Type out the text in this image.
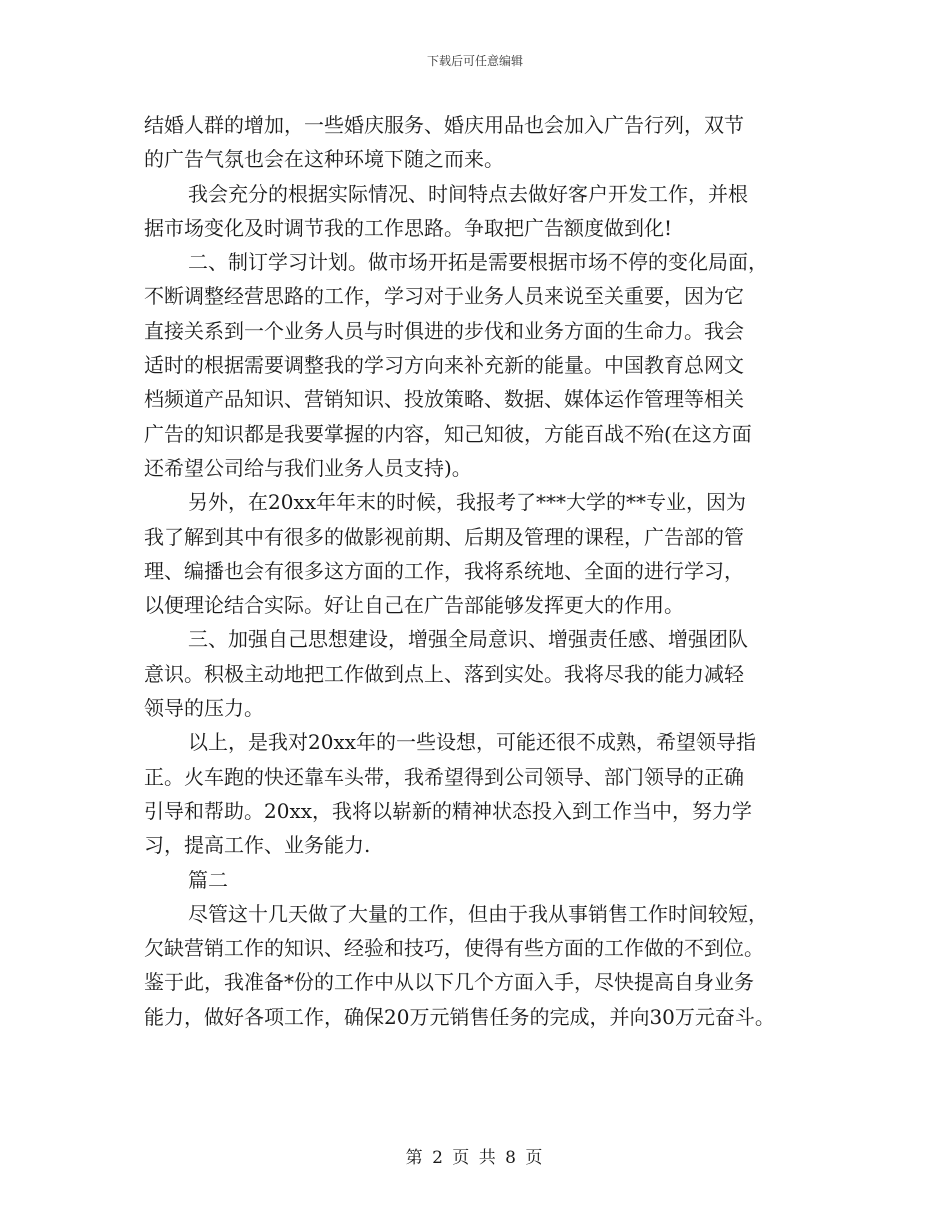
下载后可任意编辑
结婚人群的增加，一些婚庆服务、婚庆用品也会加入广告行列，双节
的广告气氛也会在这种环境下随之而来。
我会充分的根据实际情况、时间特点去做好客户开发工作，并根
据市场变化及时调节我的工作思路。争取把广告额度做到化!
二、制订学习计划。做市场开拓是需要根据市场不停的变化局面，
不断调整经营思路的工作，学习对于业务人员来说至关重要，因为它
直接关系到一个业务人员与时俱进的步伐和业务方面的生命力。我会
适时的根据需要调整我的学习方向来补充新的能量。中国教育总网文
档频道产品知识、营销知识、投放策略、数据、媒体运作管理等相关
广告的知识都是我要掌握的内容，知己知彼，方能百战不殆(在这方面
还希望公司给与我们业务人员支持)。
另外，在20xx年年末的时候，我报考了***大学的**专业，因为
我了解到其中有很多的做影视前期、后期及管理的课程，广告部的管
理、编播也会有很多这方面的工作，我将系统地、全面的进行学习，
以便理论结合实际。好让自己在广告部能够发挥更大的作用。
三、加强自己思想建设，增强全局意识、增强责任感、增强团队
意识。积极主动地把工作做到点上、落到实处。我将尽我的能力减轻
领导的压力。
以上，是我对20xx年的一些设想，可能还很不成熟，希望领导指
正。火车跑的快还靠车头带，我希望得到公司领导、部门领导的正确
引导和帮助。20xx，我将以崭新的精神状态投入到工作当中，努力学
习，提高工作、业务能力.
篇二
尽管这十几天做了大量的工作，但由于我从事销售工作时间较短，
欠缺营销工作的知识、经验和技巧，使得有些方面的工作做的不到位。
鉴于此，我准备*份的工作中从以下几个方面入手，尽快提高自身业务
能力，做好各项工作，确保20万元销售任务的完成，并向30万元奋斗。
第 2 页 共 8 页
